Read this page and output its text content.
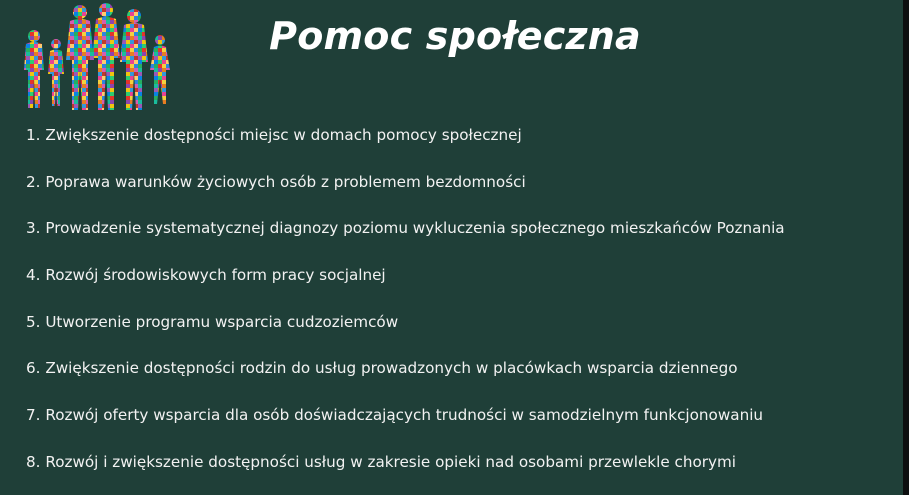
Pomoc społeczna
1. Zwiększenie dostępności miejsc w domach pomocy społecznej
2. Poprawa warunków życiowych osób z problemem bezdomności
3. Prowadzenie systematycznej diagnozy poziomu wykluczenia społecznego mieszkańców Poznania
4. Rozwój środowiskowych form pracy socjalnej
5. Utworzenie programu wsparcia cudzoziemców
6. Zwiększenie dostępności rodzin do usług prowadzonych w placówkach wsparcia dziennego
7. Rozwój oferty wsparcia dla osób doświadczających trudności w samodzielnym funkcjonowaniu
8. Rozwój i zwiększenie dostępności usług w zakresie opieki nad osobami przewlekle chorymi
